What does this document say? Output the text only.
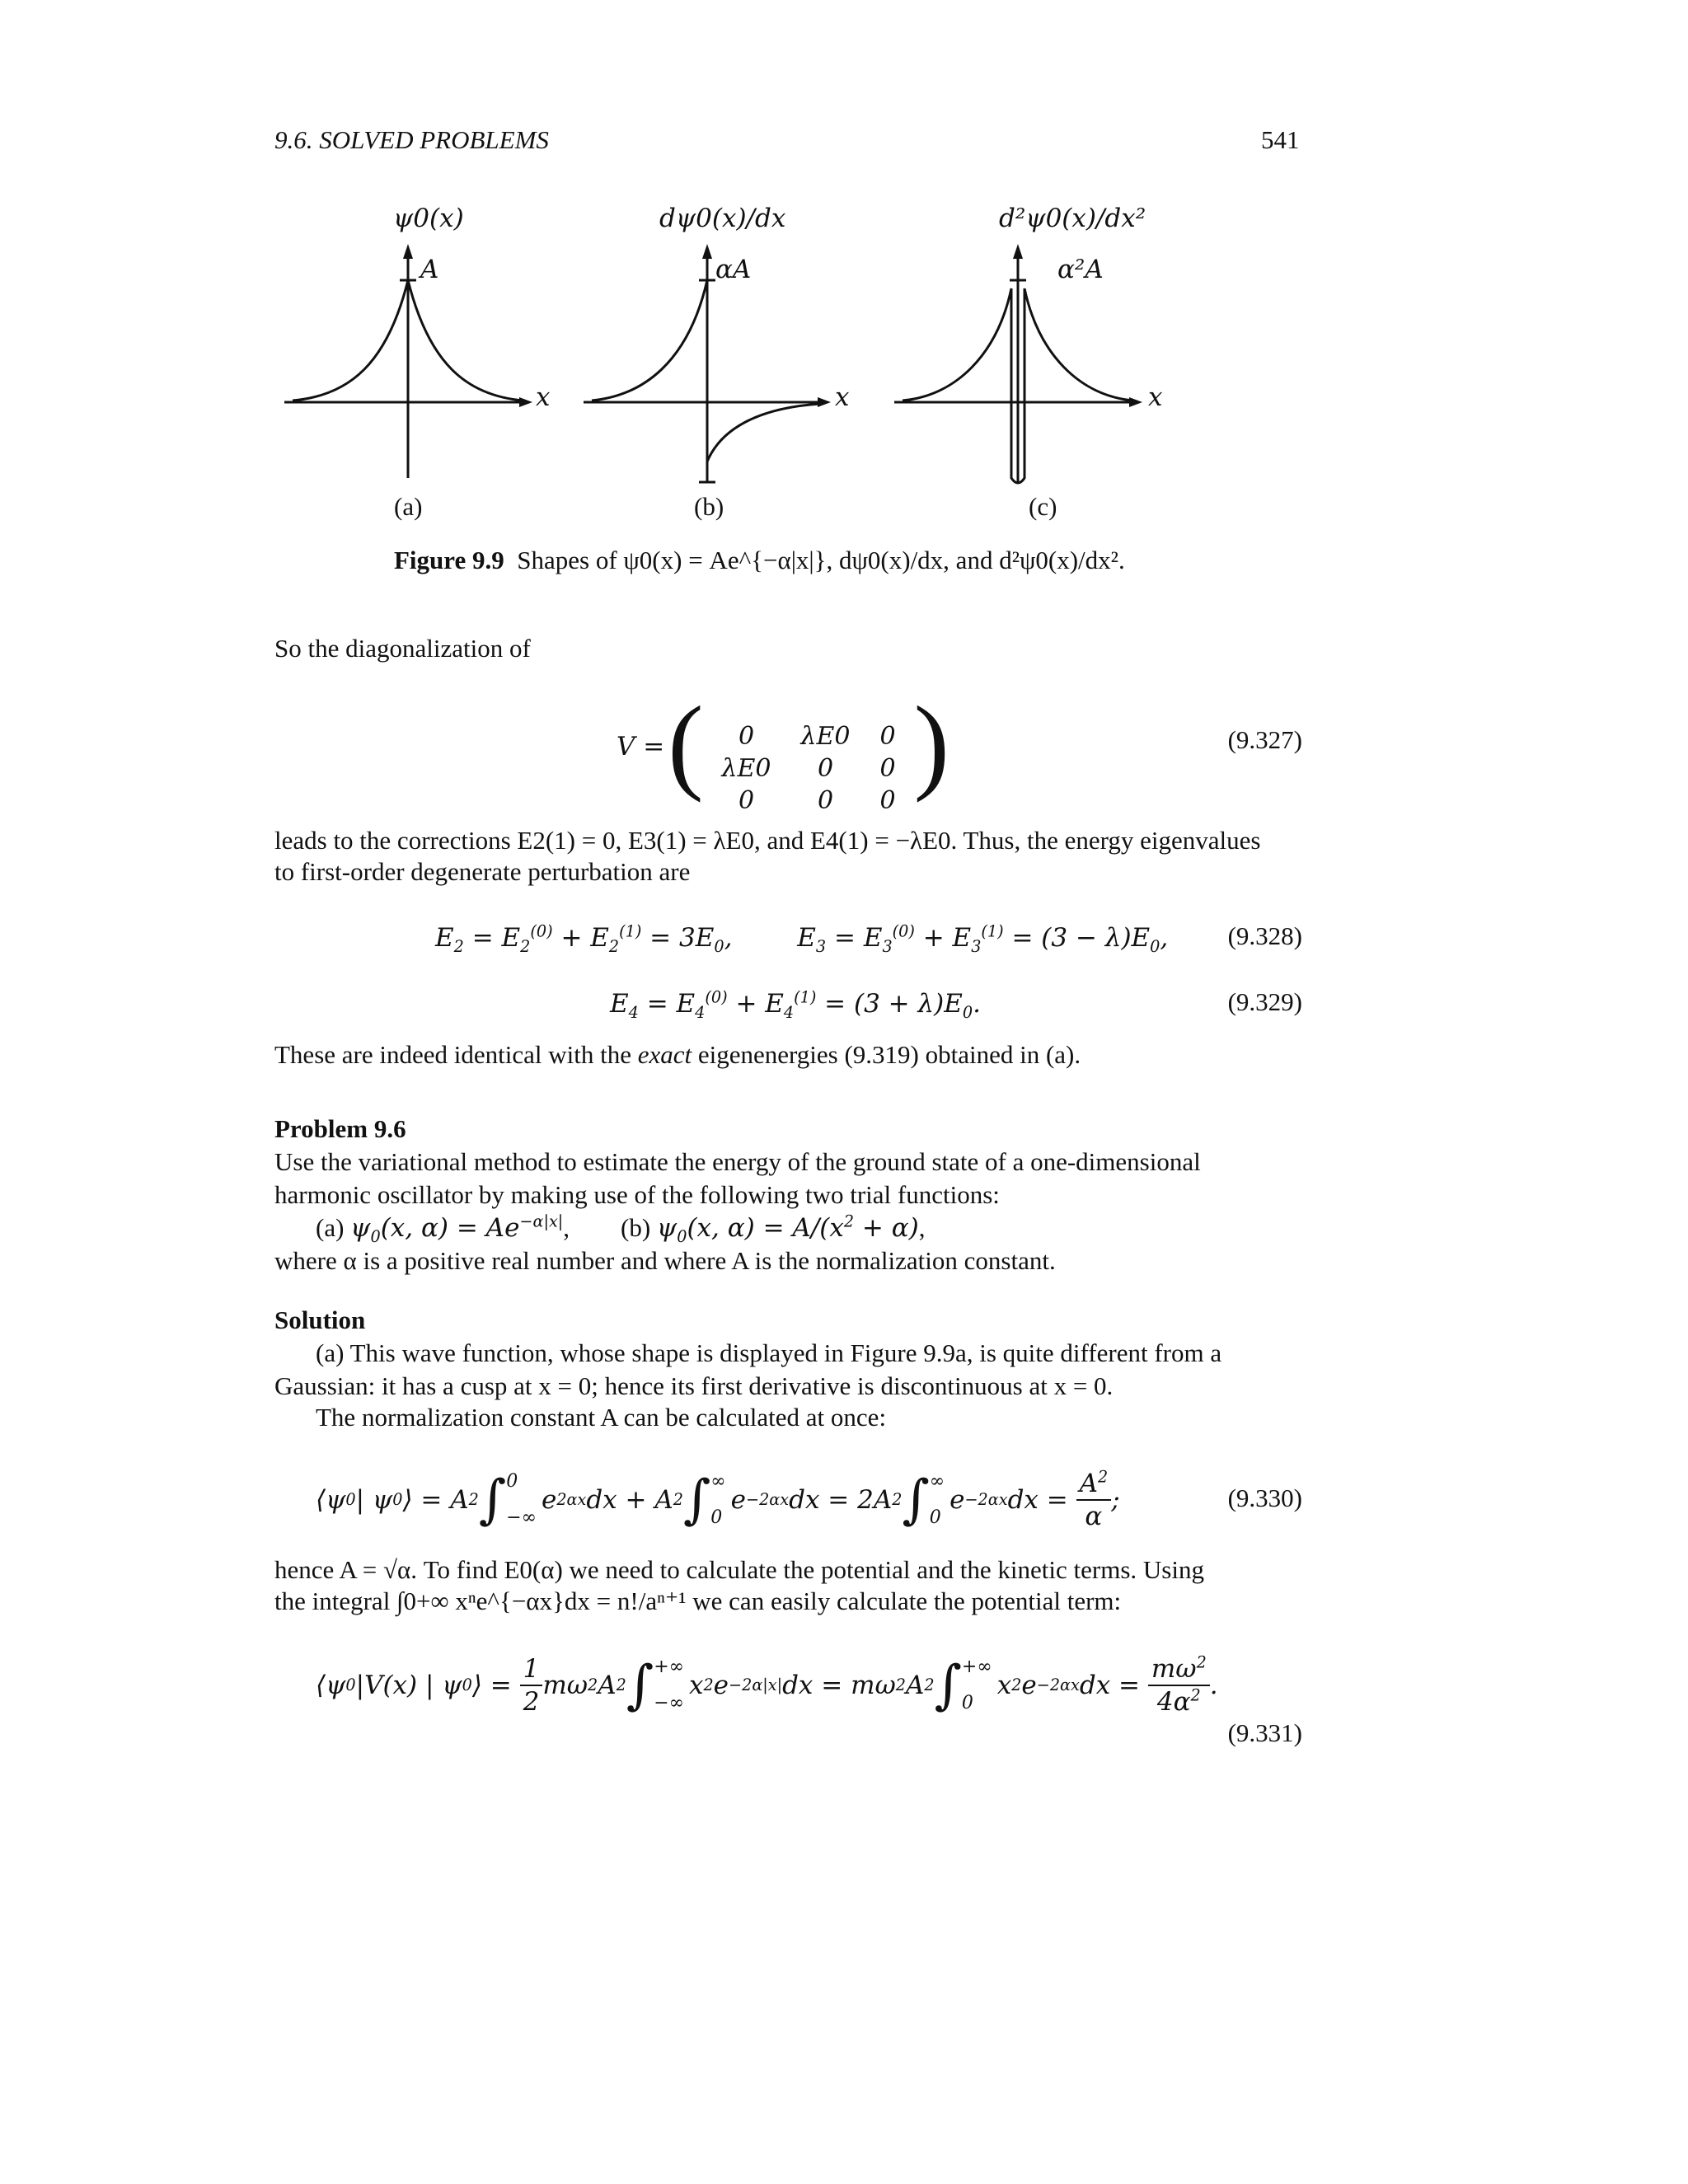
9.6. SOLVED PROBLEMS	541
ψ0(x)
A
x
(a)
dψ0(x)/dx
αA
x
(b)
d²ψ0(x)/dx²
α²A
x
(c)
Figure 9.9 Shapes of ψ0(x) = Ae^{−α|x|}, dψ0(x)/dx, and d²ψ0(x)/dx².
So the diagonalization of
V = ( 0	λE0	0
λE0	0	0
0	0	0 )	(9.327)
leads to the corrections E2(1) = 0, E3(1) = λE0, and E4(1) = −λE0. Thus, the energy eigenvalues
to first-order degenerate perturbation are
$E_2 = E_2^{(0)} + E_2^{(1)} = 3E_0$,        $E_3 = E_3^{(0)} + E_3^{(1)} = (3 - \lambda)E_0$, (9.328)
$E_4 = E_4^{(0)} + E_4^{(1)} = (3 + \lambda)E_0$.	(9.329)
These are indeed identical with the exact eigenenergies (9.319) obtained in (a).
Problem 9.6
Use the variational method to estimate the energy of the ground state of a one-dimensional
harmonic oscillator by making use of the following two trial functions:
(a) $\psi_0(x$, $\alpha) = Ae^{-\alpha|x|}$,        (b) $\psi_0(x$, $\alpha) = A/(x^2 + \alpha)$,
where α is a positive real number and where A is the normalization constant.
Solution
(a) This wave function, whose shape is displayed in Figure 9.9a, is quite different from a
Gaussian: it has a cusp at x = 0; hence its first derivative is discontinuous at x = 0.
The normalization constant A can be calculated at once:
⟨ψ 0 | ψ 0 ⟩ = A 2 ∫ 0
−∞
e 2αx dx + A 2 ∫ ∞
0
e −2αx dx = 2A 2 ∫ ∞
0
e −2αx dx =
$A^2$
α
;	(9.330)
hence A = √α. To find E0(α) we need to calculate the potential and the kinetic terms. Using
the integral ∫0+∞ xⁿe^{−αx}dx = n!/aⁿ⁺¹ we can easily calculate the potential term:
⟨ψ 0 |V(x) | ψ 0 ⟩ =
1
2
mω 2 A 2 ∫ +∞
−∞
x 2 e −2α|x| dx = mω 2 A 2 ∫ +∞
0
x 2 e −2αx dx =
$m\omega^2$
$4\alpha^2$ .
(9.331)
